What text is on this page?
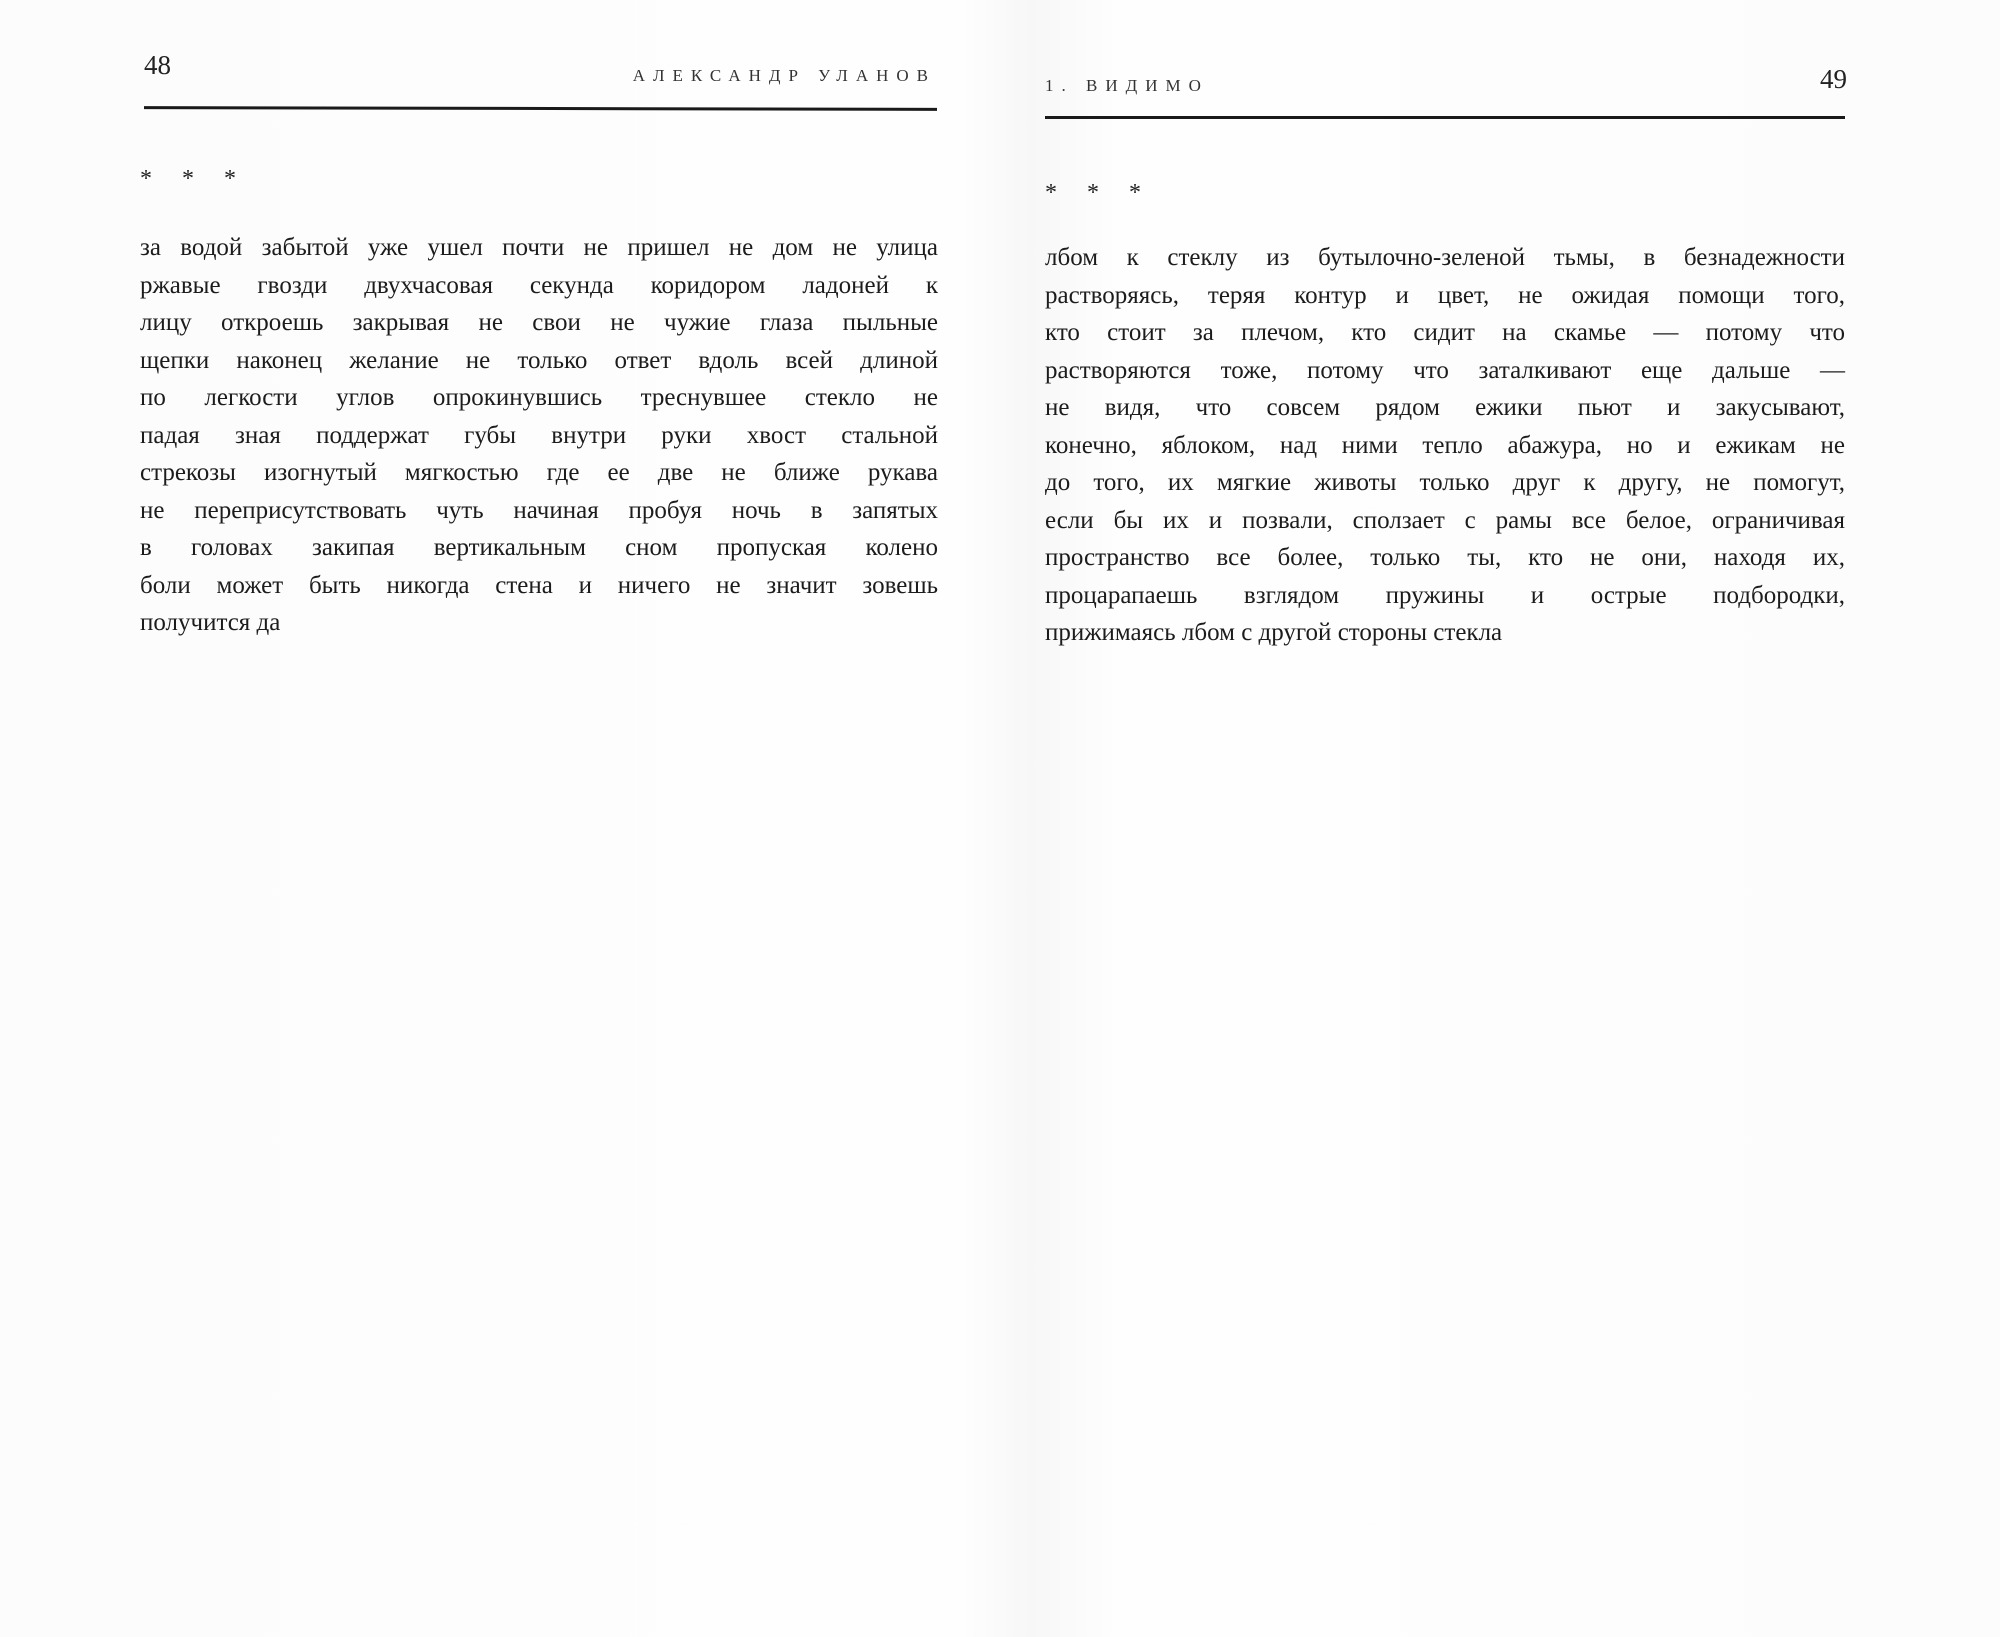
48	АЛЕКСАНДР УЛАНОВ
* * *
за водой забытой уже ушел почти не пришел не дом не улица
ржавые гвозди двухчасовая секунда коридором ладоней к
лицу откроешь закрывая не свои не чужие глаза пыльные
щепки наконец желание не только ответ вдоль всей длиной
по легкости углов опрокинувшись треснувшее стекло не
падая зная поддержат губы внутри руки хвост стальной
стрекозы изогнутый мягкостью где ее две не ближе рукава
не переприсутствовать чуть начиная пробуя ночь в запятых
в головах закипая вертикальным сном пропуская колено
боли может быть никогда стена и ничего не значит зовешь
получится да
1. ВИДИМО	49
* * *
лбом к стеклу из бутылочно-зеленой тьмы, в безнадежности
растворяясь, теряя контур и цвет, не ожидая помощи того,
кто стоит за плечом, кто сидит на скамье — потому что
растворяются тоже, потому что заталкивают еще дальше —
не видя, что совсем рядом ежики пьют и закусывают,
конечно, яблоком, над ними тепло абажура, но и ежикам не
до того, их мягкие животы только друг к другу, не помогут,
если бы их и позвали, сползает с рамы все белое, ограничивая
пространство все более, только ты, кто не они, находя их,
процарапаешь взглядом пружины и острые подбородки,
прижимаясь лбом с другой стороны стекла
